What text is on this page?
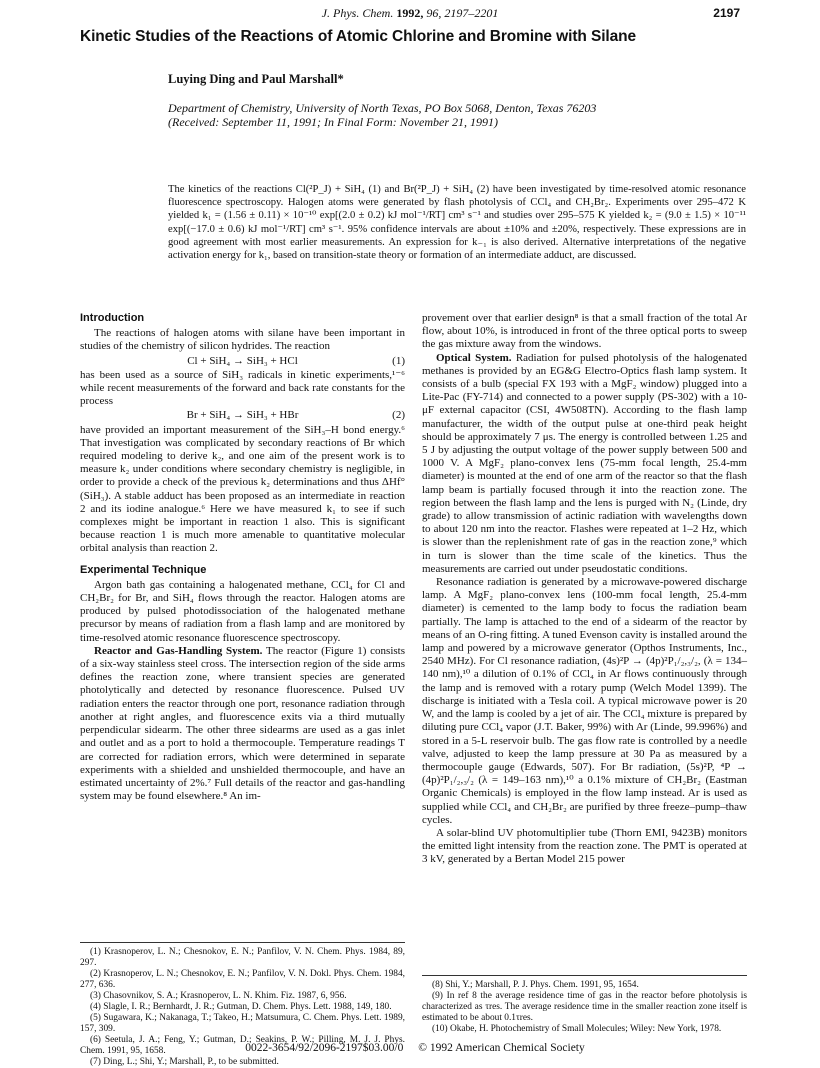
J. Phys. Chem. 1992, 96, 2197–2201	2197
Kinetic Studies of the Reactions of Atomic Chlorine and Bromine with Silane
Luying Ding and Paul Marshall*
Department of Chemistry, University of North Texas, PO Box 5068, Denton, Texas 76203
(Received: September 11, 1991; In Final Form: November 21, 1991)
The kinetics of the reactions Cl(²P_J) + SiH₄ (1) and Br(²P_J) + SiH₄ (2) have been investigated by time-resolved atomic resonance fluorescence spectroscopy. Halogen atoms were generated by flash photolysis of CCl₄ and CH₂Br₂. Experiments over 295–472 K yielded k₁ = (1.56 ± 0.11) × 10⁻¹⁰ exp[(2.0 ± 0.2) kJ mol⁻¹/RT] cm³ s⁻¹ and studies over 295–575 K yielded k₂ = (9.0 ± 1.5) × 10⁻¹¹ exp[(−17.0 ± 0.6) kJ mol⁻¹/RT] cm³ s⁻¹. 95% confidence intervals are about ±10% and ±20%, respectively. These expressions are in good agreement with most earlier measurements. An expression for k₋₁ is also derived. Alternative interpretations of the negative activation energy for k₁, based on transition-state theory or formation of an intermediate adduct, are discussed.
Introduction

The reactions of halogen atoms with silane have been important in studies of the chemistry of silicon hydrides. The reaction

Cl + SiH₄ → SiH₃ + HCl	(1)

has been used as a source of SiH₃ radicals in kinetic experiments,¹⁻⁶ while recent measurements of the forward and back rate constants for the process

Br + SiH₄ → SiH₃ + HBr	(2)

have provided an important measurement of the SiH₃–H bond energy.⁶ That investigation was complicated by secondary reactions of Br which required modeling to derive k₂, and one aim of the present work is to measure k₂ under conditions where secondary chemistry is negligible, in order to provide a check of the previous k₂ determinations and thus ΔHf°(SiH₃). A stable adduct has been proposed as an intermediate in reaction 2 and its iodine analogue.⁶ Here we have measured k₁ to see if such complexes might be important in reaction 1 also. This is significant because reaction 1 is much more amenable to quantitative molecular orbital analysis than reaction 2.

Experimental Technique

Argon bath gas containing a halogenated methane, CCl₄ for Cl and CH₂Br₂ for Br, and SiH₄ flows through the reactor. Halogen atoms are produced by pulsed photodissociation of the halogenated methane precursor by means of radiation from a flash lamp and are monitored by time-resolved atomic resonance fluorescence spectroscopy.

Reactor and Gas-Handling System. The reactor (Figure 1) consists of a six-way stainless steel cross. The intersection region of the side arms defines the reaction zone, where transient species are generated photolytically and detected by resonance fluorescence. Pulsed UV radiation enters the reactor through one port, resonance radiation through another at right angles, and fluorescence exits via a third mutually perpendicular sidearm. The other three sidearms are used as a gas inlet and outlet and as a port to hold a thermocouple. Temperature readings T are corrected for radiation errors, which were determined in separate experiments with a shielded and unshielded thermocouple, and have an estimated uncertainty of 2%.⁷ Full details of the reactor and gas-handling system may be found elsewhere.⁸ An im-

provement over that earlier design⁸ is that a small fraction of the total Ar flow, about 10%, is introduced in front of the three optical ports to sweep the gas mixture away from the windows.

Optical System. Radiation for pulsed photolysis of the halogenated methanes is provided by an EG&G Electro-Optics flash lamp system. It consists of a bulb (special FX 193 with a MgF₂ window) plugged into a Lite-Pac (FY-714) and connected to a power supply (PS-302) with a 10-μF external capacitor (CSI, 4W508TN). According to the flash lamp manufacturer, the width of the output pulse at one-third peak height should be approximately 7 μs. The energy is controlled between 1.25 and 5 J by adjusting the output voltage of the power supply between 500 and 1000 V. A MgF₂ plano-convex lens (75-mm focal length, 25.4-mm diameter) is mounted at the end of one arm of the reactor so that the flash lamp beam is partially focused through it into the reaction zone. The region between the flash lamp and the lens is purged with N₂ (Linde, dry grade) to allow transmission of actinic radiation with wavelengths down to about 120 nm into the reactor. Flashes were repeated at 1–2 Hz, which is slower than the replenishment rate of gas in the reaction zone,⁹ which in turn is slower than the time scale of the kinetics. Thus the measurements are carried out under pseudostatic conditions.

Resonance radiation is generated by a microwave-powered discharge lamp. A MgF₂ plano-convex lens (100-mm focal length, 25.4-mm diameter) is cemented to the lamp body to focus the radiation beam partially. The lamp is attached to the end of a sidearm of the reactor by means of an O-ring fitting. A tuned Evenson cavity is installed around the lamp and powered by a microwave generator (Opthos Instruments, Inc., 2540 MHz). For Cl resonance radiation, (4s)²P → (4p)²P₁/₂,₃/₂, (λ = 134–140 nm),¹⁰ a dilution of 0.1% of CCl₄ in Ar flows continuously through the lamp and is removed with a rotary pump (Welch Model 1399). The discharge is initiated with a Tesla coil. A typical microwave power is 20 W, and the lamp is cooled by a jet of air. The CCl₄ mixture is prepared by diluting pure CCl₄ vapor (J.T. Baker, 99%) with Ar (Linde, 99.996%) and stored in a 5-L reservoir bulb. The gas flow rate is controlled by a needle valve, adjusted to keep the lamp pressure at 30 Pa as measured by a thermocouple gauge (Edwards, 507). For Br radiation, (5s)²P, ⁴P → (4p)²P₁/₂,₃/₂ (λ = 149–163 nm),¹⁰ a 0.1% mixture of CH₂Br₂ (Eastman Organic Chemicals) is employed in the flow lamp instead. Ar is used as supplied while CCl₄ and CH₂Br₂ are purified by three freeze–pump–thaw cycles.

A solar-blind UV photomultiplier tube (Thorn EMI, 9423B) monitors the emitted light intensity from the reaction zone. The PMT is operated at 3 kV, generated by a Bertan Model 215 power

(1) Krasnoperov, L. N.; Chesnokov, E. N.; Panfilov, V. N. Chem. Phys. 1984, 89, 297.
(2) Krasnoperov, L. N.; Chesnokov, E. N.; Panfilov, V. N. Dokl. Phys. Chem. 1984, 277, 636.
(3) Chasovnikov, S. A.; Krasnoperov, L. N. Khim. Fiz. 1987, 6, 956.
(4) Slagle, I. R.; Bernhardt, J. R.; Gutman, D. Chem. Phys. Lett. 1988, 149, 180.
(5) Sugawara, K.; Nakanaga, T.; Takeo, H.; Matsumura, C. Chem. Phys. Lett. 1989, 157, 309.
(6) Seetula, J. A.; Feng, Y.; Gutman, D.; Seakins, P. W.; Pilling, M. J. J. Phys. Chem. 1991, 95, 1658.
(7) Ding, L.; Shi, Y.; Marshall, P., to be submitted.
(8) Shi, Y.; Marshall, P. J. Phys. Chem. 1991, 95, 1654.
(9) In ref 8 the average residence time of gas in the reactor before photolysis is characterized as τres. The average residence time in the smaller reaction zone itself is estimated to be about 0.1τres.
(10) Okabe, H. Photochemistry of Small Molecules; Wiley: New York, 1978.
0022-3654/92/2096-2197$03.00/0 © 1992 American Chemical Society
